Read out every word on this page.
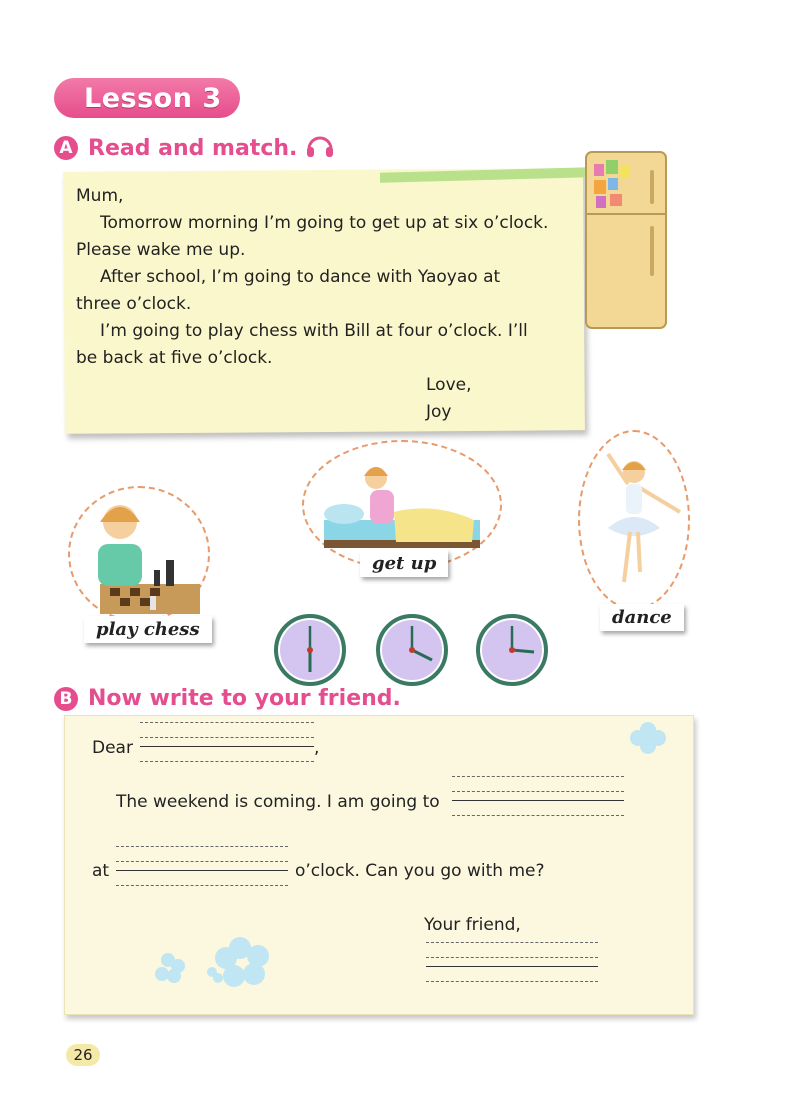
Lesson 3
A Read and match.

Mum,

Tomorrow morning I’m going to get up at six o’clock.

Please wake me up.

After school, I’m going to dance with Yaoyao at

three o’clock.

I’m going to play chess with Bill at four o’clock. I’ll

be back at five o’clock.

Love,

Joy

get up
dance
play chess
B Now write to your friend.
Dear	,
The weekend is coming. I am going to
at	o’clock. Can you go with me?
Your friend,
26
